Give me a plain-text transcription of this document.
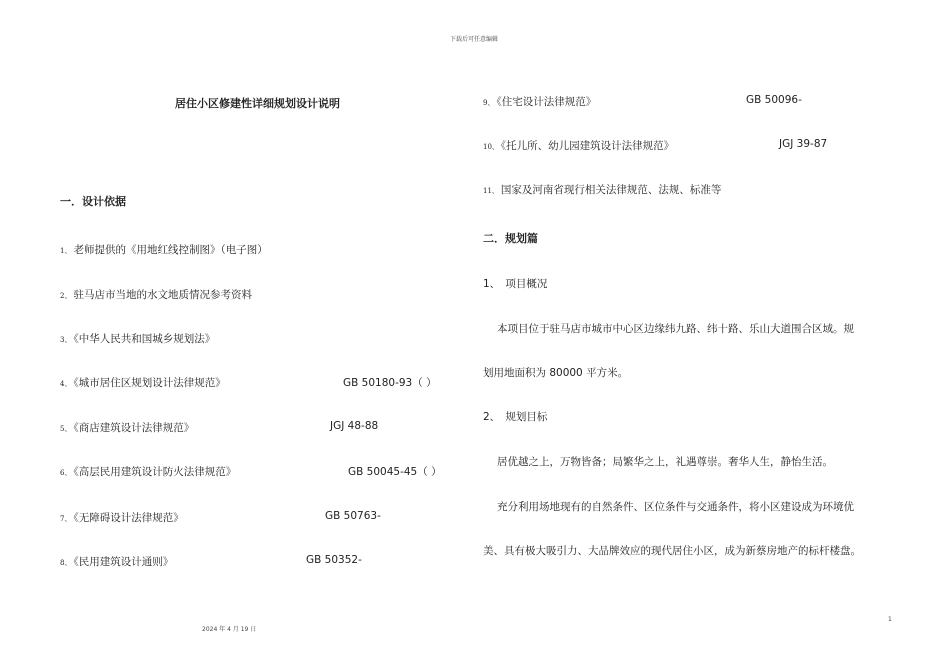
下载后可任意编辑
居住小区修建性详细规划设计说明
一．设计依据
1、 老师提供的《用地红线控制图》（电子图）
2、 驻马店市当地的水文地质情况参考资料
3、 《中华人民共和国城乡规划法》
4、 《城市居住区规划设计法律规范》	GB 50180-93（ ）
5、 《商店建筑设计法律规范》	JGJ 48-88
6、 《高层民用建筑设计防火法律规范》	GB 50045-45（ ）
7、 《无障碍设计法律规范》	GB 50763-
8、 《民用建筑设计通则》	GB 50352-
9、 《住宅设计法律规范》	GB 50096-
10、 《托儿所、幼儿园建筑设计法律规范》	JGJ 39-87
11、 国家及河南省现行相关法律规范、法规、标准等
二．规划篇
1、　项目概况
本项目位于驻马店市城市中心区边缘纬九路、纬十路、乐山大道围合区域。规
划用地面积为 80000 平方米。
2、　规划目标
居优越之上，万物皆备；局繁华之上，礼遇尊崇。奢华人生，静怡生活。
充分利用场地现有的自然条件、区位条件与交通条件，将小区建设成为环境优
美、具有极大吸引力、大品牌效应的现代居住小区，成为新蔡房地产的标杆楼盘。
2024 年 4 月 19 日
1
